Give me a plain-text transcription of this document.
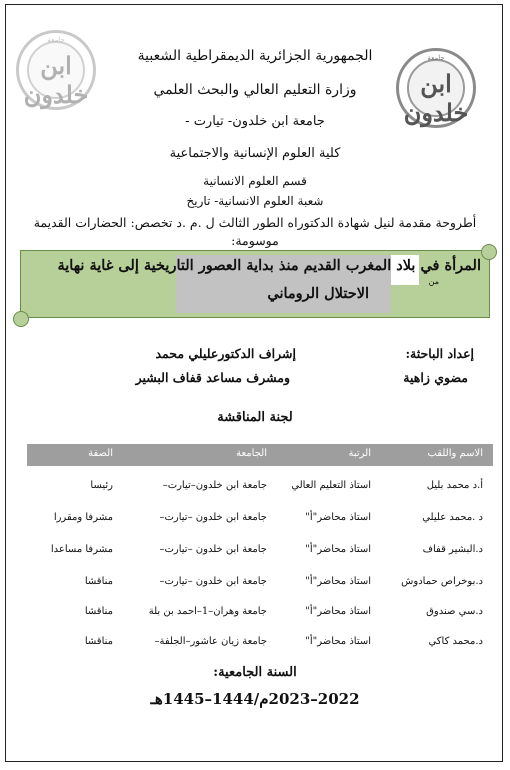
جامعة
ابن خلدون
جامعة
ابن خلدون
الجمهورية الجزائرية الديمقراطية الشعبية
وزارة التعليم العالي والبحث العلمي
جامعة ابن خلدون- تيارت -
كلية العلوم الإنسانية والاجتماعية
قسم العلوم الانسانية
شعبة العلوم الانسانية- تاريخ
أطروحة مقدمة لنيل شهادة الدكتوراه الطور الثالث ل .م .د تخصص: الحضارات القديمة موسومة:
المرأة في بلاد المغرب القديم منذ بداية العصور التاريخية إلى غاية نهاية
من
الاحتلال الروماني
إعداد الباحثة:
مضوي زاهية
إشراف الدكتورعليلي محمد
ومشرف مساعد قفاف البشير
لجنة المناقشة
الاسم واللقب
الرتبة
الجامعة
الصفة
أ.د محمد بليل
استاذ التعليم العالي
جامعة ابن خلدون–تيارت–
رئيسا
د .محمد عليلي
استاذ محاضر"أ"
جامعة ابن خلدون –تيارت–
مشرفا ومقررا
د.البشير قفاف
استاذ محاضر"أ"
جامعة ابن خلدون –تيارت–
مشرفا مساعدا
د.بوخراص حمادوش
استاذ محاضر"أ"
جامعة ابن خلدون –تيارت–
مناقشا
د.سي صندوق
استاذ محاضر"أ"
جامعة وهران–1–احمد بن بلة
مناقشا
د.محمد كاكي
استاذ محاضر"أ"
جامعة زيان عاشور–الجلفة–
مناقشا
السنة الجامعية:
2022–2023م/1444–1445هـ
